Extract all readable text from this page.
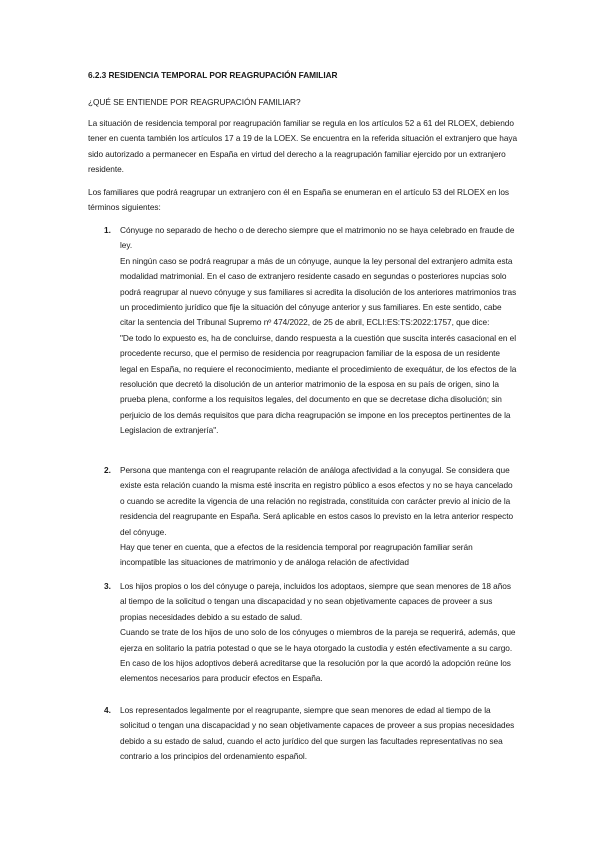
6.2.3 RESIDENCIA TEMPORAL POR REAGRUPACIÓN FAMILIAR
¿QUÉ SE ENTIENDE POR REAGRUPACIÓN FAMILIAR?
La situación de residencia temporal por reagrupación familiar se regula en los artículos 52 a 61 del RLOEX, debiendo tener en cuenta también los artículos 17 a 19 de la LOEX. Se encuentra en la referida situación el extranjero que haya sido autorizado a permanecer en España en virtud del derecho a la reagrupación familiar ejercido por un extranjero residente.
Los familiares que podrá reagrupar un extranjero con él en España se enumeran en el artículo 53 del RLOEX en los términos siguientes:
1. Cónyuge no separado de hecho o de derecho siempre que el matrimonio no se haya celebrado en fraude de ley.

En ningún caso se podrá reagrupar a más de un cónyuge, aunque la ley personal del extranjero admita esta modalidad matrimonial. En el caso de extranjero residente casado en segundas o posteriores nupcias solo podrá reagrupar al nuevo cónyuge y sus familiares si acredita la disolución de los anteriores matrimonios tras un procedimiento jurídico que fije la situación del cónyuge anterior y sus familiares. En este sentido, cabe citar la sentencia del Tribunal Supremo nº 474/2022, de 25 de abril, ECLI:ES:TS:2022:1757, que dice:

"De todo lo expuesto es, ha de concluirse, dando respuesta a la cuestión que suscita interés casacional en el procedente recurso, que el permiso de residencia por reagrupacion familiar de la esposa de un residente legal en España, no requiere el reconocimiento, mediante el procedimiento de exequátur, de los efectos de la resolución que decretó la disolución de un anterior matrimonio de la esposa en su país de origen, sino la prueba plena, conforme a los requisitos legales, del documento en que se decretase dicha disolución; sin perjuicio de los demás requisitos que para dicha reagrupación se impone en los preceptos pertinentes de la Legislacion de extranjería".

2. Persona que mantenga con el reagrupante relación de análoga afectividad a la conyugal. Se considera que existe esta relación cuando la misma esté inscrita en registro público a esos efectos y no se haya cancelado o cuando se acredite la vigencia de una relación no registrada, constituida con carácter previo al inicio de la residencia del reagrupante en España. Será aplicable en estos casos lo previsto en la letra anterior respecto del cónyuge.

Hay que tener en cuenta, que a efectos de la residencia temporal por reagrupación familiar serán incompatible las situaciones de matrimonio y de análoga relación de afectividad

3. Los hijos propios o los del cónyuge o pareja, incluidos los adoptaos, siempre que sean menores de 18 años al tiempo de la solicitud o tengan una discapacidad y no sean objetivamente capaces de proveer a sus propias necesidades debido a su estado de salud.

Cuando se trate de los hijos de uno solo de los cónyuges o miembros de la pareja se requerirá, además, que ejerza en solitario la patria potestad o que se le haya otorgado la custodia y estén efectivamente a su cargo.

En caso de los hijos adoptivos deberá acreditarse que la resolución por la que acordó la adopción reúne los elementos necesarios para producir efectos en España.

4. Los representados legalmente por el reagrupante, siempre que sean menores de edad al tiempo de la solicitud o tengan una discapacidad y no sean objetivamente capaces de proveer a sus propias necesidades debido a su estado de salud, cuando el acto jurídico del que surgen las facultades representativas no sea contrario a los principios del ordenamiento español.
